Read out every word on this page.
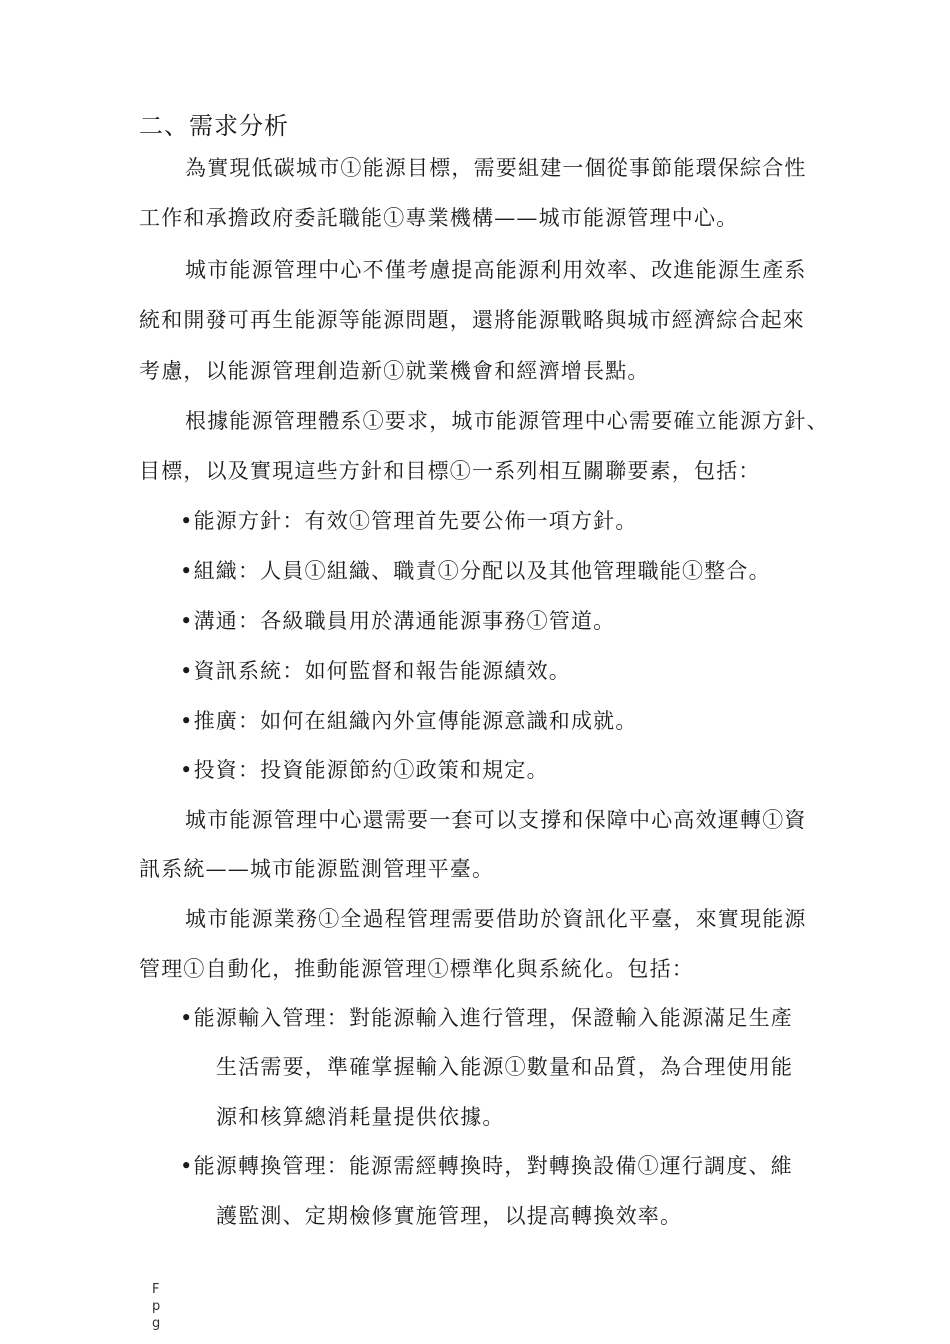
二、需求分析
為實現低碳城市①能源目標，需要組建一個從事節能環保綜合性
工作和承擔政府委託職能①專業機構——城市能源管理中心。
城市能源管理中心不僅考慮提高能源利用效率、改進能源生產系
統和開發可再生能源等能源問題，還將能源戰略與城市經濟綜合起來
考慮，以能源管理創造新①就業機會和經濟增長點。
根據能源管理體系①要求，城市能源管理中心需要確立能源方針、
目標，以及實現這些方針和目標①一系列相互關聯要素，包括：
•能源方針：有效①管理首先要公佈一項方針。
•組織：人員①組織、職責①分配以及其他管理職能①整合。
•溝通：各級職員用於溝通能源事務①管道。
•資訊系統：如何監督和報告能源績效。
•推廣：如何在組織內外宣傳能源意識和成就。
•投資：投資能源節約①政策和規定。
城市能源管理中心還需要一套可以支撐和保障中心高效運轉①資
訊系統——城市能源監測管理平臺。
城市能源業務①全過程管理需要借助於資訊化平臺，來實現能源
管理①自動化，推動能源管理①標準化與系統化。包括：
•能源輸入管理：對能源輸入進行管理，保證輸入能源滿足生產
生活需要，準確掌握輸入能源①數量和品質，為合理使用能
源和核算總消耗量提供依據。
•能源轉換管理：能源需經轉換時，對轉換設備①運行調度、維
護監測、定期檢修實施管理，以提高轉換效率。
F
p
g
